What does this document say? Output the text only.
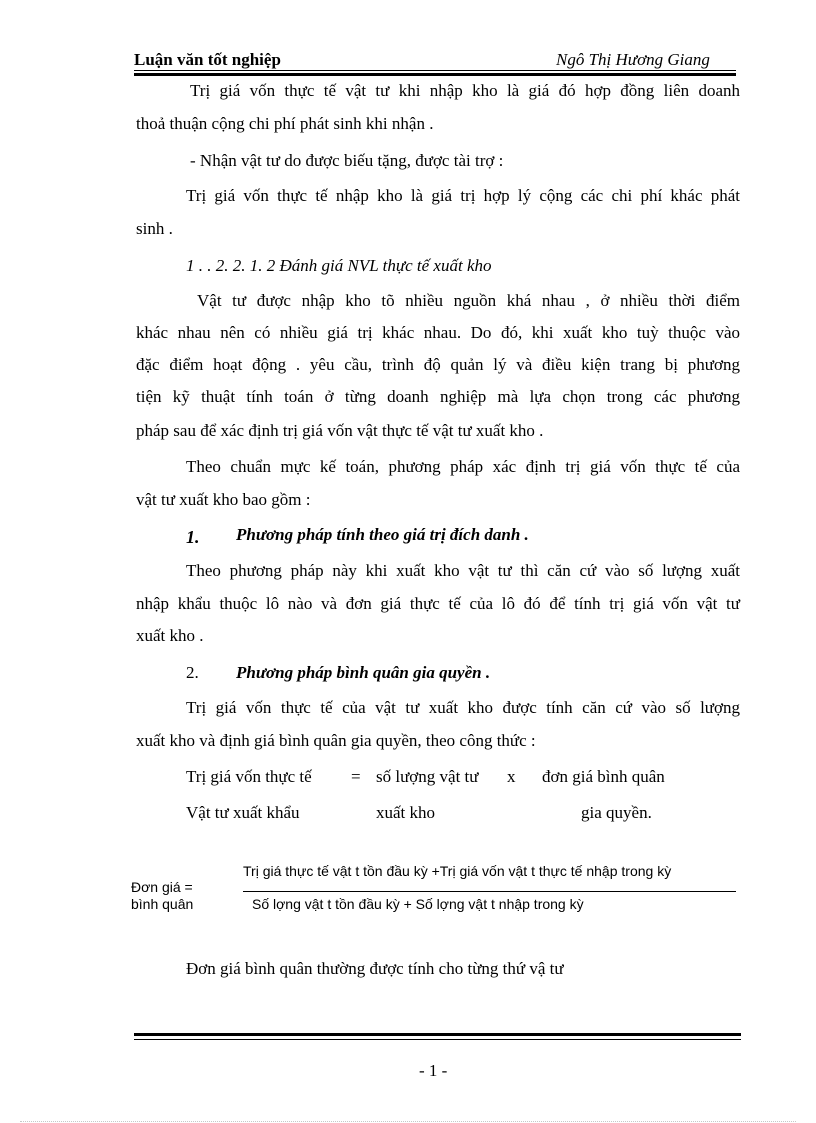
Luận văn tốt nghiệp	Ngô Thị Hương Giang
Trị giá vốn thực tế vật tư khi nhập kho là giá đó hợp đồng liên doanh
thoả thuận cộng chi phí phát sinh khi nhận .
- Nhận vật tư do được biếu tặng, được tài trợ :
Trị giá vốn thực tế nhập kho là giá trị hợp lý cộng các chi phí khác phát
sinh .
1 . . 2. 2. 1. 2 Đánh giá NVL thực tế xuất kho
Vật tư được nhập kho tõ nhiều nguồn khá nhau , ở nhiều thời điểm
khác nhau nên có nhiều giá trị khác nhau. Do đó, khi xuất kho tuỳ thuộc vào
đặc điểm hoạt động . yêu cầu, trình độ quản lý và điều kiện trang bị phương
tiện kỹ thuật tính toán ở từng doanh nghiệp mà lựa chọn trong các phương
pháp sau để xác định trị giá vốn vật thực tế vật tư xuất kho .
Theo chuẩn mực kế toán, phương pháp xác định trị giá vốn thực tế của
vật tư xuất kho bao gồm :
1. Phương pháp tính theo giá trị đích danh .
Theo phương pháp này khi xuất kho vật tư thì căn cứ vào số lượng xuất
nhập khẩu thuộc lô nào và đơn giá thực tế của lô đó để tính trị giá vốn vật tư
xuất kho .
2. Phương pháp bình quân gia quyền .
Trị giá vốn thực tế của vật tư xuất kho được tính căn cứ vào số lượng
xuất kho và định giá bình quân gia quyền, theo công thức :
Trị giá vốn thực tế = số lượng vật tư x đơn giá bình quân
Vật tư xuất khẩu	xuất kho	gia quyền.
Đơn giá =
bình quân
Trị giá thực tế vật t tồn đầu kỳ +Trị giá vốn vật t thực tế nhập trong kỳ
Số lợng vật t tồn đầu kỳ + Số lợng vật t nhập trong kỳ
Đơn giá bình quân thường được tính cho từng thứ vậ tư
- 1 -
